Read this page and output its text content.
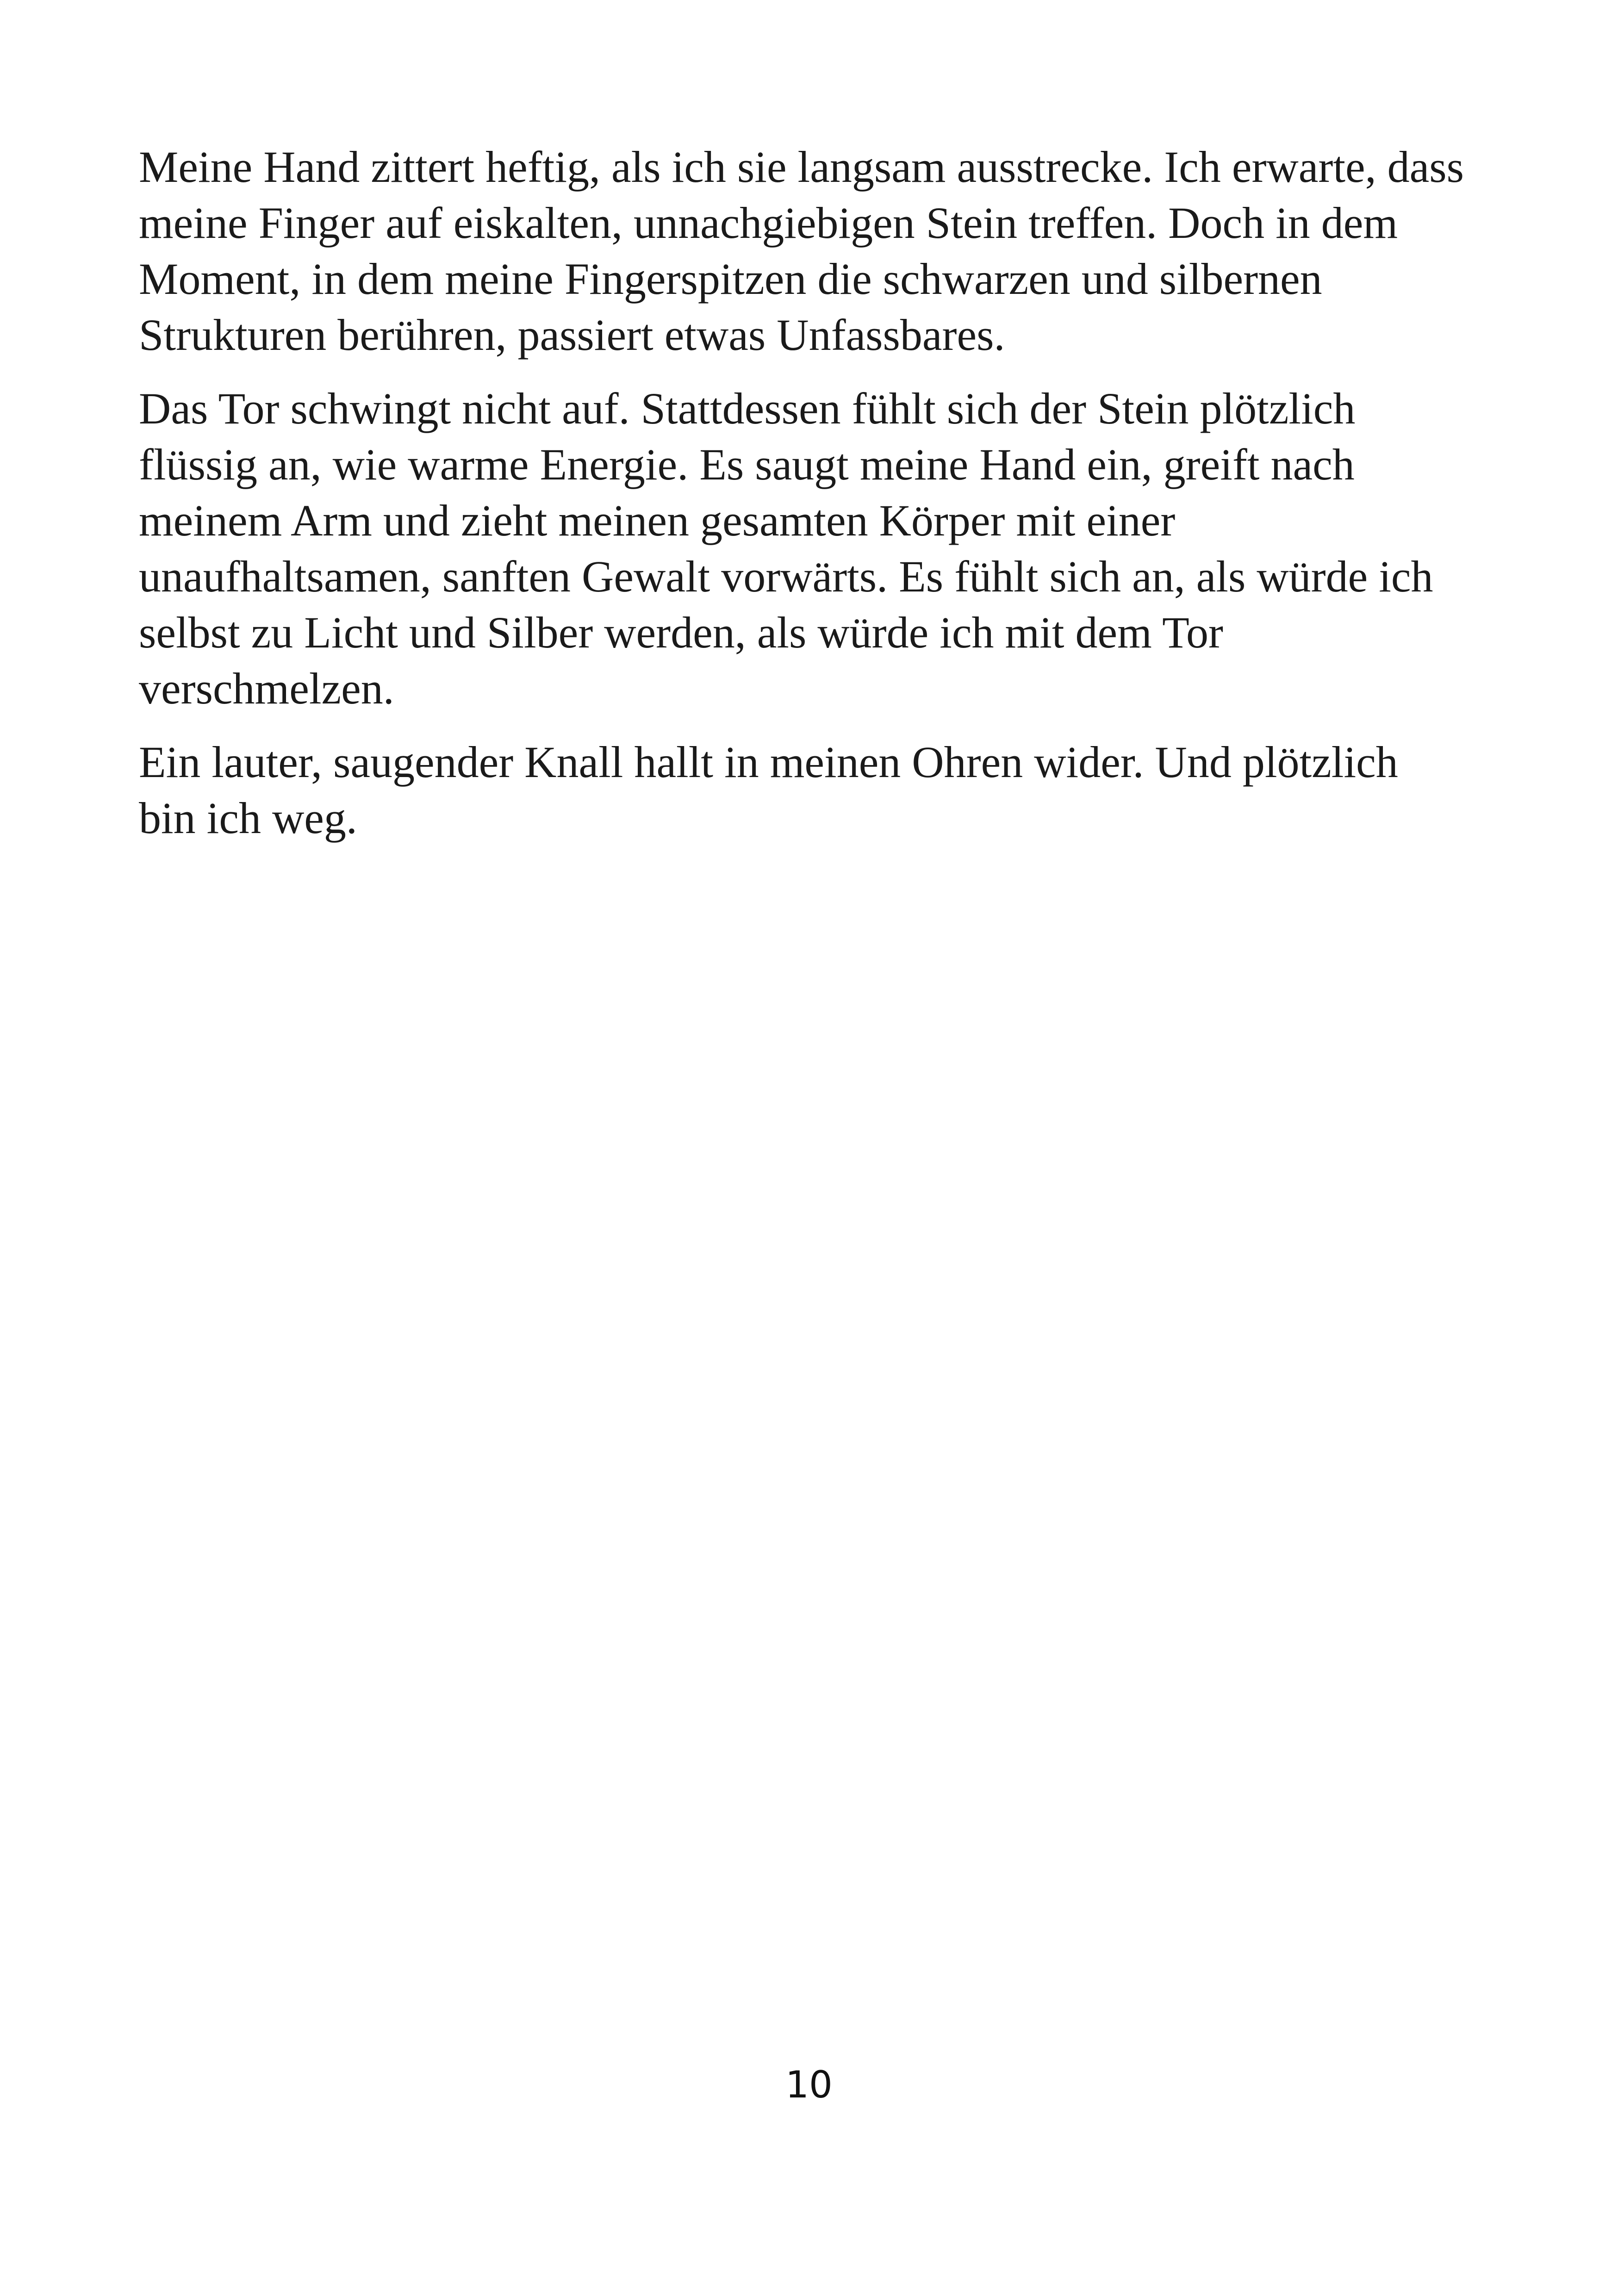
Meine Hand zittert heftig, als ich sie langsam ausstrecke. Ich erwarte, dass
meine Finger auf eiskalten, unnachgiebigen Stein treffen. Doch in dem
Moment, in dem meine Fingerspitzen die schwarzen und silbernen
Strukturen berühren, passiert etwas Unfassbares.

Das Tor schwingt nicht auf. Stattdessen fühlt sich der Stein plötzlich
flüssig an, wie warme Energie. Es saugt meine Hand ein, greift nach
meinem Arm und zieht meinen gesamten Körper mit einer
unaufhaltsamen, sanften Gewalt vorwärts. Es fühlt sich an, als würde ich
selbst zu Licht und Silber werden, als würde ich mit dem Tor
verschmelzen.

Ein lauter, saugender Knall hallt in meinen Ohren wider. Und plötzlich
bin ich weg.

10
